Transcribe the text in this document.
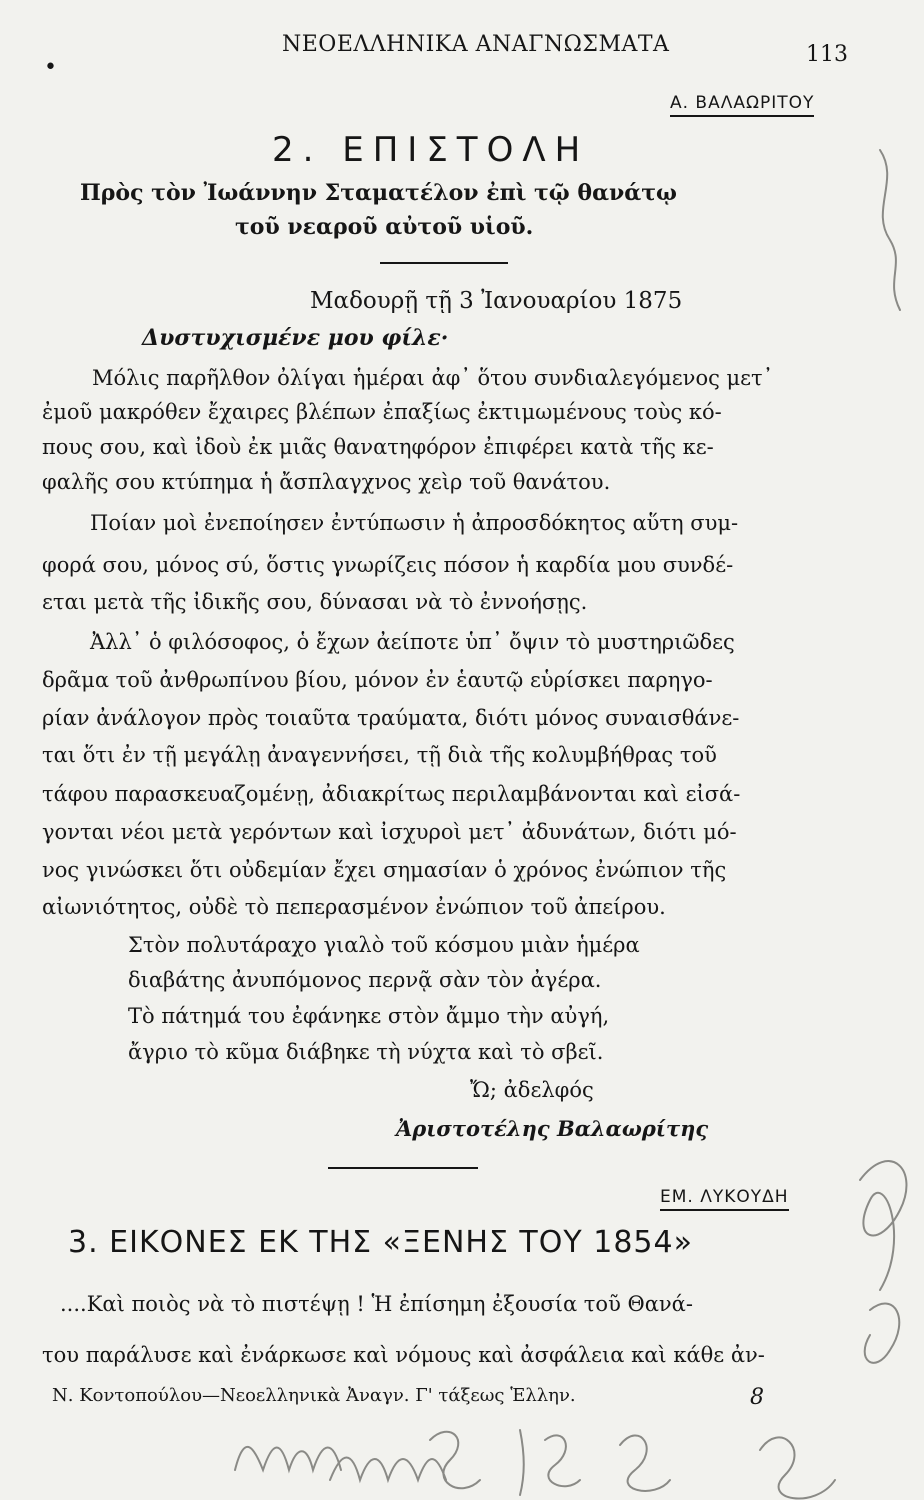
•
ΝΕΟΕΛΛΗΝΙΚΑ ΑΝΑΓΝΩΣΜΑΤΑ	113
Α. ΒΑΛΑΩΡΙΤΟΥ
2. ΕΠΙΣΤΟΛΗ
Πρὸς τὸν Ἰωάννην Σταματέλον ἐπὶ τῷ θανάτῳ
τοῦ νεαροῦ αὐτοῦ υἱοῦ.
Μαδουρῇ τῇ 3 Ἰανουαρίου 1875
Δυστυχισμένε μου φίλε·
Μόλις παρῆλθον ὀλίγαι ἡμέραι ἀφ᾽ ὅτου συνδιαλεγόμενος μετ᾽
ἐμοῦ μακρόθεν ἔχαιρες βλέπων ἐπαξίως ἐκτιμωμένους τοὺς κό-
πους σου, καὶ ἰδοὺ ἐκ μιᾶς θανατηφόρον ἐπιφέρει κατὰ τῆς κε-
φαλῆς σου κτύπημα ἡ ἄσπλαγχνος χεὶρ τοῦ θανάτου.
Ποίαν μοὶ ἐνεποίησεν ἐντύπωσιν ἡ ἀπροσδόκητος αὕτη συμ-
φορά σου, μόνος σύ, ὅστις γνωρίζεις πόσον ἡ καρδία μου συνδέ-
εται μετὰ τῆς ἰδικῆς σου, δύνασαι νὰ τὸ ἐννοήσῃς.
Ἀλλ᾽ ὁ φιλόσοφος, ὁ ἔχων ἀείποτε ὑπ᾽ ὄψιν τὸ μυστηριῶδες
δρᾶμα τοῦ ἀνθρωπίνου βίου, μόνον ἐν ἑαυτῷ εὑρίσκει παρηγο-
ρίαν ἀνάλογον πρὸς τοιαῦτα τραύματα, διότι μόνος συναισθάνε-
ται ὅτι ἐν τῇ μεγάλῃ ἀναγεννήσει, τῇ διὰ τῆς κολυμβήθρας τοῦ
τάφου παρασκευαζομένῃ, ἀδιακρίτως περιλαμβάνονται καὶ εἰσά-
γονται νέοι μετὰ γερόντων καὶ ἰσχυροὶ μετ᾽ ἀδυνάτων, διότι μό-
νος γινώσκει ὅτι οὐδεμίαν ἔχει σημασίαν ὁ χρόνος ἐνώπιον τῆς
αἰωνιότητος, οὐδὲ τὸ πεπερασμένον ἐνώπιον τοῦ ἀπείρου.
Στὸν πολυτάραχο γιαλὸ τοῦ κόσμου μιὰν ἡμέρα
διαβάτης ἀνυπόμονος περνᾷ σὰν τὸν ἀγέρα.
Τὸ πάτημά του ἐφάνηκε στὸν ἄμμο τὴν αὐγή,
ἄγριο τὸ κῦμα διάβηκε τὴ νύχτα καὶ τὸ σβεῖ.
Ὤ; ἀδελφός
Ἀριστοτέλης Βαλαωρίτης
ΕΜ. ΛΥΚΟΥΔΗ
3. ΕΙΚΟΝΕΣ ΕΚ ΤΗΣ «ΞΕΝΗΣ ΤΟΥ 1854»
....Καὶ ποιὸς νὰ τὸ πιστέψῃ ! Ἡ ἐπίσημη ἐξουσία τοῦ Θανά-
του παράλυσε καὶ ἐνάρκωσε καὶ νόμους καὶ ἀσφάλεια καὶ κάθε ἀν-
Ν. Κοντοπούλου—Νεοελληνικὰ Ἀναγν. Γ' τάξεως Ἑλλην.	8
